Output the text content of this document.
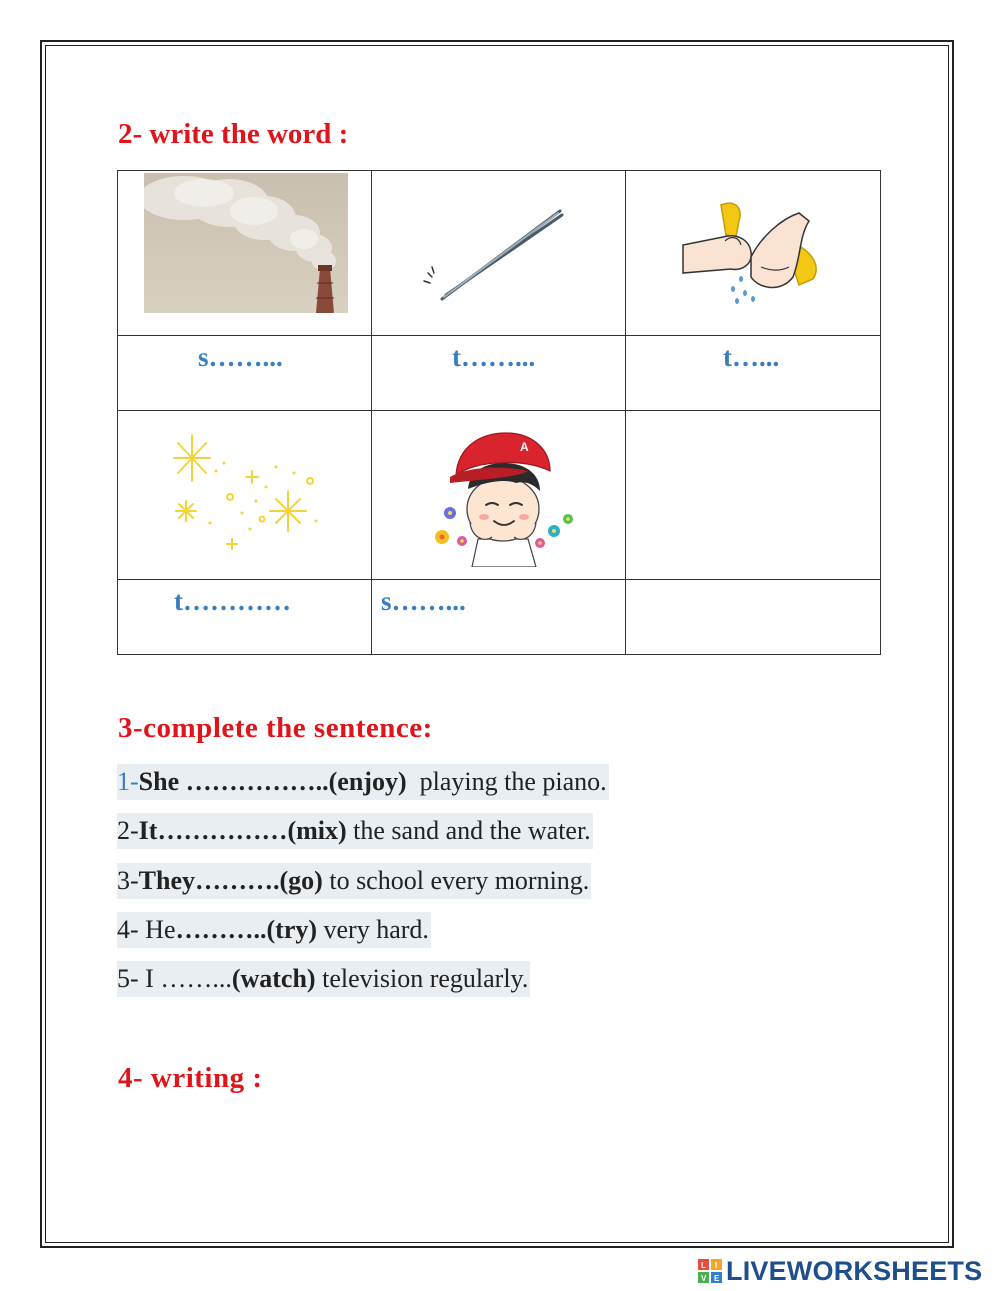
2- write the word :

s……...	t……...	t…...

A	

t…………	s……...	

3-complete the sentence:
1-She ……………..(enjoy)  playing the piano.
2-It……………(mix) the sand and the water.
3-They……….(go) to school every morning.
4- He………..(try) very hard.
5- I ……...(watch) television regularly.
4- writing :
L I
V E LIVEWORKSHEETS
